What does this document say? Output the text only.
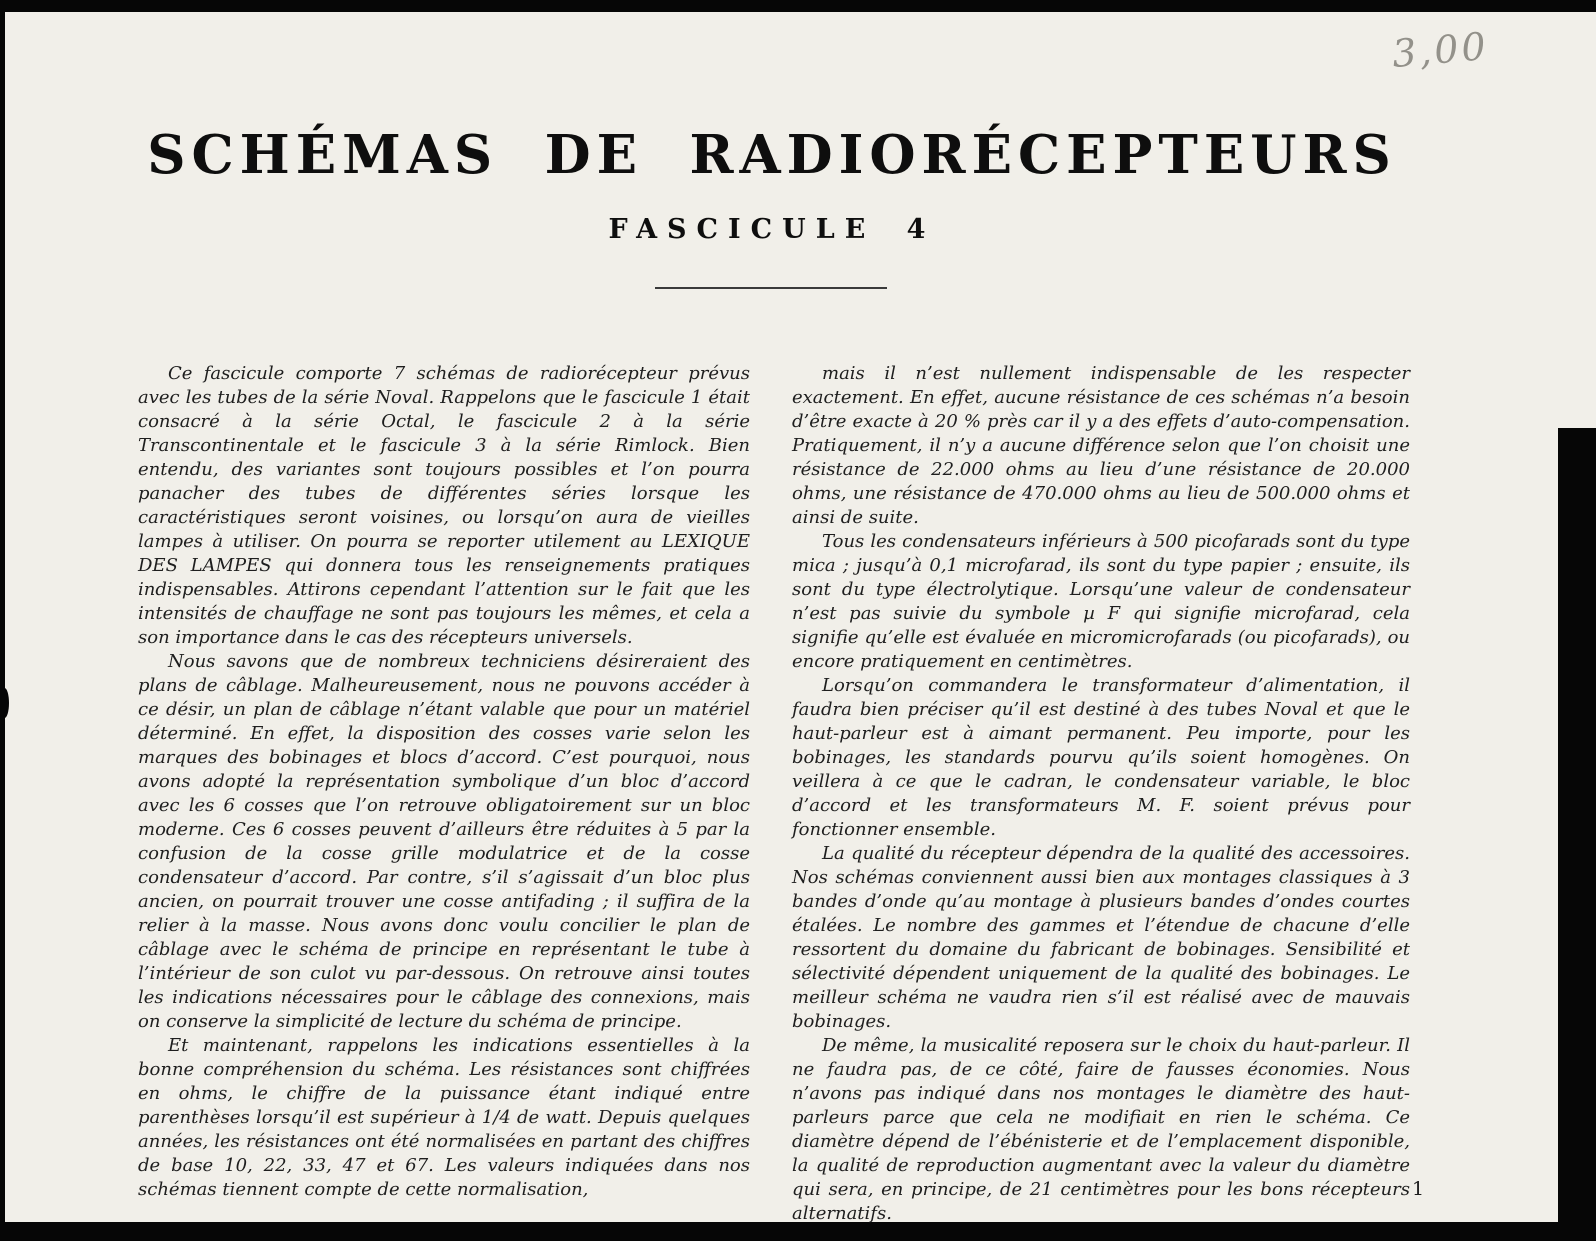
3,00
SCHÉMAS DE RADIORÉCEPTEURS
FASCICULE 4

Ce fascicule comporte 7 schémas de radiorécepteur prévus avec les tubes de la série Noval. Rappelons que le fascicule 1 était consacré à la série Octal, le fascicule 2 à la série Transcontinentale et le fascicule 3 à la série Rimlock. Bien entendu, des variantes sont toujours possibles et l’on pourra panacher des tubes de différentes séries lorsque les caractéristiques seront voisines, ou lorsqu’on aura de vieilles lampes à utiliser. On pourra se reporter utilement au LEXIQUE DES LAMPES qui donnera tous les renseignements pratiques indispensables. Attirons cependant l’attention sur le fait que les intensités de chauffage ne sont pas toujours les mêmes, et cela a son importance dans le cas des récepteurs universels.

Nous savons que de nombreux techniciens désireraient des plans de câblage. Malheureusement, nous ne pouvons accéder à ce désir, un plan de câblage n’étant valable que pour un matériel déterminé. En effet, la disposition des cosses varie selon les marques des bobinages et blocs d’accord. C’est pourquoi, nous avons adopté la représentation symbolique d’un bloc d’accord avec les 6 cosses que l’on retrouve obligatoirement sur un bloc moderne. Ces 6 cosses peuvent d’ailleurs être réduites à 5 par la confusion de la cosse grille modulatrice et de la cosse condensateur d’accord. Par contre, s’il s’agissait d’un bloc plus ancien, on pourrait trouver une cosse antifading ; il suffira de la relier à la masse. Nous avons donc voulu concilier le plan de câblage avec le schéma de principe en représentant le tube à l’intérieur de son culot vu par-dessous. On retrouve ainsi toutes les indications nécessaires pour le câblage des connexions, mais on conserve la simplicité de lecture du schéma de principe.

Et maintenant, rappelons les indications essentielles à la bonne compréhension du schéma. Les résistances sont chiffrées en ohms, le chiffre de la puissance étant indiqué entre parenthèses lorsqu’il est supérieur à 1/4 de watt. Depuis quelques années, les résistances ont été normalisées en partant des chiffres de base 10, 22, 33, 47 et 67. Les valeurs indiquées dans nos schémas tiennent compte de cette normalisation,

mais il n’est nullement indispensable de les respecter exactement. En effet, aucune résistance de ces schémas n’a besoin d’être exacte à 20 % près car il y a des effets d’auto-compensation. Pratiquement, il n’y a aucune différence selon que l’on choisit une résistance de 22.000 ohms au lieu d’une résistance de 20.000 ohms, une résistance de 470.000 ohms au lieu de 500.000 ohms et ainsi de suite.

Tous les condensateurs inférieurs à 500 picofarads sont du type mica ; jusqu’à 0,1 microfarad, ils sont du type papier ; ensuite, ils sont du type électrolytique. Lorsqu’une valeur de condensateur n’est pas suivie du symbole µ F qui signifie microfarad, cela signifie qu’elle est évaluée en micromicrofarads (ou picofarads), ou encore pratiquement en centimètres.

Lorsqu’on commandera le transformateur d’alimentation, il faudra bien préciser qu’il est destiné à des tubes Noval et que le haut-parleur est à aimant permanent. Peu importe, pour les bobinages, les standards pourvu qu’ils soient homogènes. On veillera à ce que le cadran, le condensateur variable, le bloc d’accord et les transformateurs M. F. soient prévus pour fonctionner ensemble.

La qualité du récepteur dépendra de la qualité des accessoires. Nos schémas conviennent aussi bien aux montages classiques à 3 bandes d’onde qu’au montage à plusieurs bandes d’ondes courtes étalées. Le nombre des gammes et l’étendue de chacune d’elle ressortent du domaine du fabricant de bobinages. Sensibilité et sélectivité dépendent uniquement de la qualité des bobinages. Le meilleur schéma ne vaudra rien s’il est réalisé avec de mauvais bobinages.

De même, la musicalité reposera sur le choix du haut-parleur. Il ne faudra pas, de ce côté, faire de fausses économies. Nous n’avons pas indiqué dans nos montages le diamètre des haut-parleurs parce que cela ne modifiait en rien le schéma. Ce diamètre dépend de l’ébénisterie et de l’emplacement disponible, la qualité de reproduction augmentant avec la valeur du diamètre qui sera, en principe, de 21 centimètres pour les bons récepteurs alternatifs.

1
